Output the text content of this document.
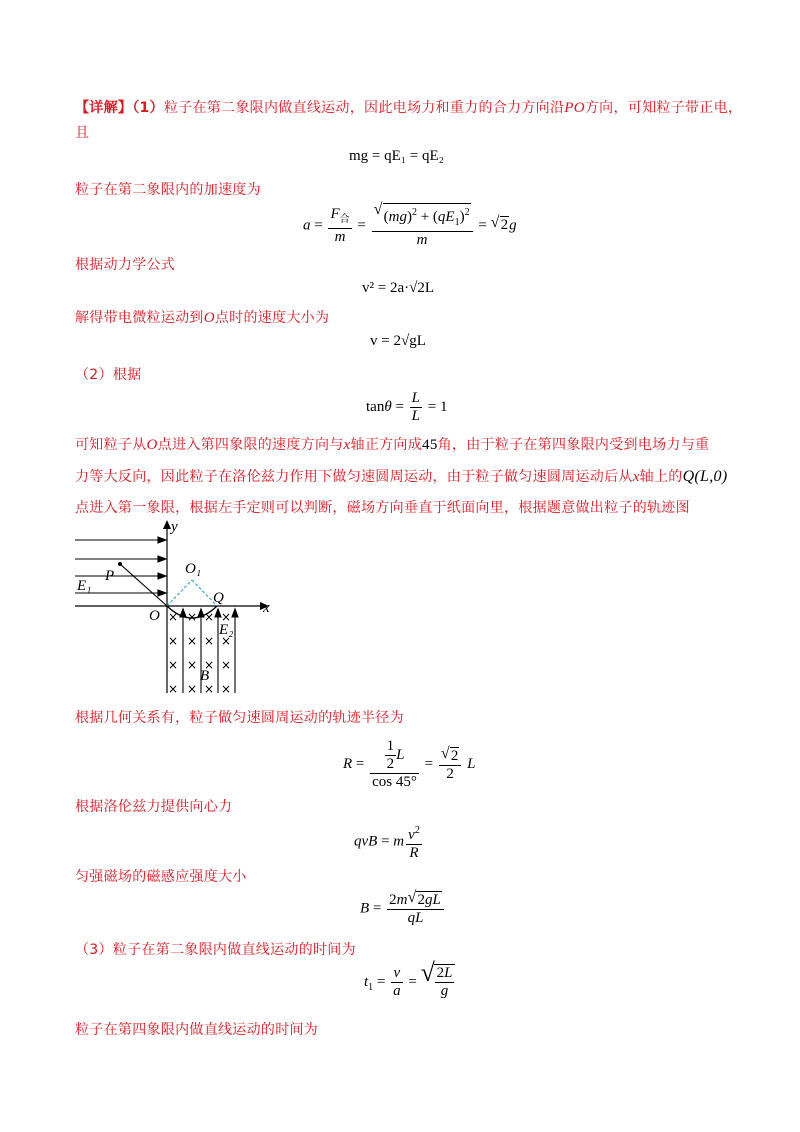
【详解】（1）粒子在第二象限内做直线运动，因此电场力和重力的合力方向沿PO方向，可知粒子带正电，
且
mg = qE₁ = qE₂
粒子在第二象限内的加速度为
$a = \frac{F_合}{m} = \frac{√ (mg)^2 + (qE_1)^2}{m}$ = √ 2g
根据动力学公式
v² = 2a·√2L
解得带电微粒运动到O点时的速度大小为
v = 2√gL
（2）根据
$\tan\theta = \frac{L}{L} = 1$
可知粒子从O点进入第四象限的速度方向与x轴正方向成45角，由于粒子在第四象限内受到电场力与重
力等大反向，因此粒子在洛伦兹力作用下做匀速圆周运动，由于粒子做匀速圆周运动后从x轴上的Q(L,0)
点进入第一象限，根据左手定则可以判断，磁场方向垂直于纸面向里，根据题意做出粒子的轨迹图
× × × ×
× × × ×
× × × ×
× × × ×
y
x
P
O
O₁
Q
E₁
E₂
B
根据几何关系有，粒子做匀速圆周运动的轨迹半径为
$R = \frac{\frac{1}{2} L}{\cos 45^\circ} = \frac{√ 2}{2}$ L
根据洛伦兹力提供向心力
qvB = m $\frac{v^2}{R}$
匀强磁场的磁感应强度大小
$B = \frac{2m √ 2gL}{qL}$
（3）粒子在第二象限内做直线运动的时间为
$t_1 = \frac{v}{a}$ = √ $\frac{2L}{g}$
粒子在第四象限内做直线运动的时间为
